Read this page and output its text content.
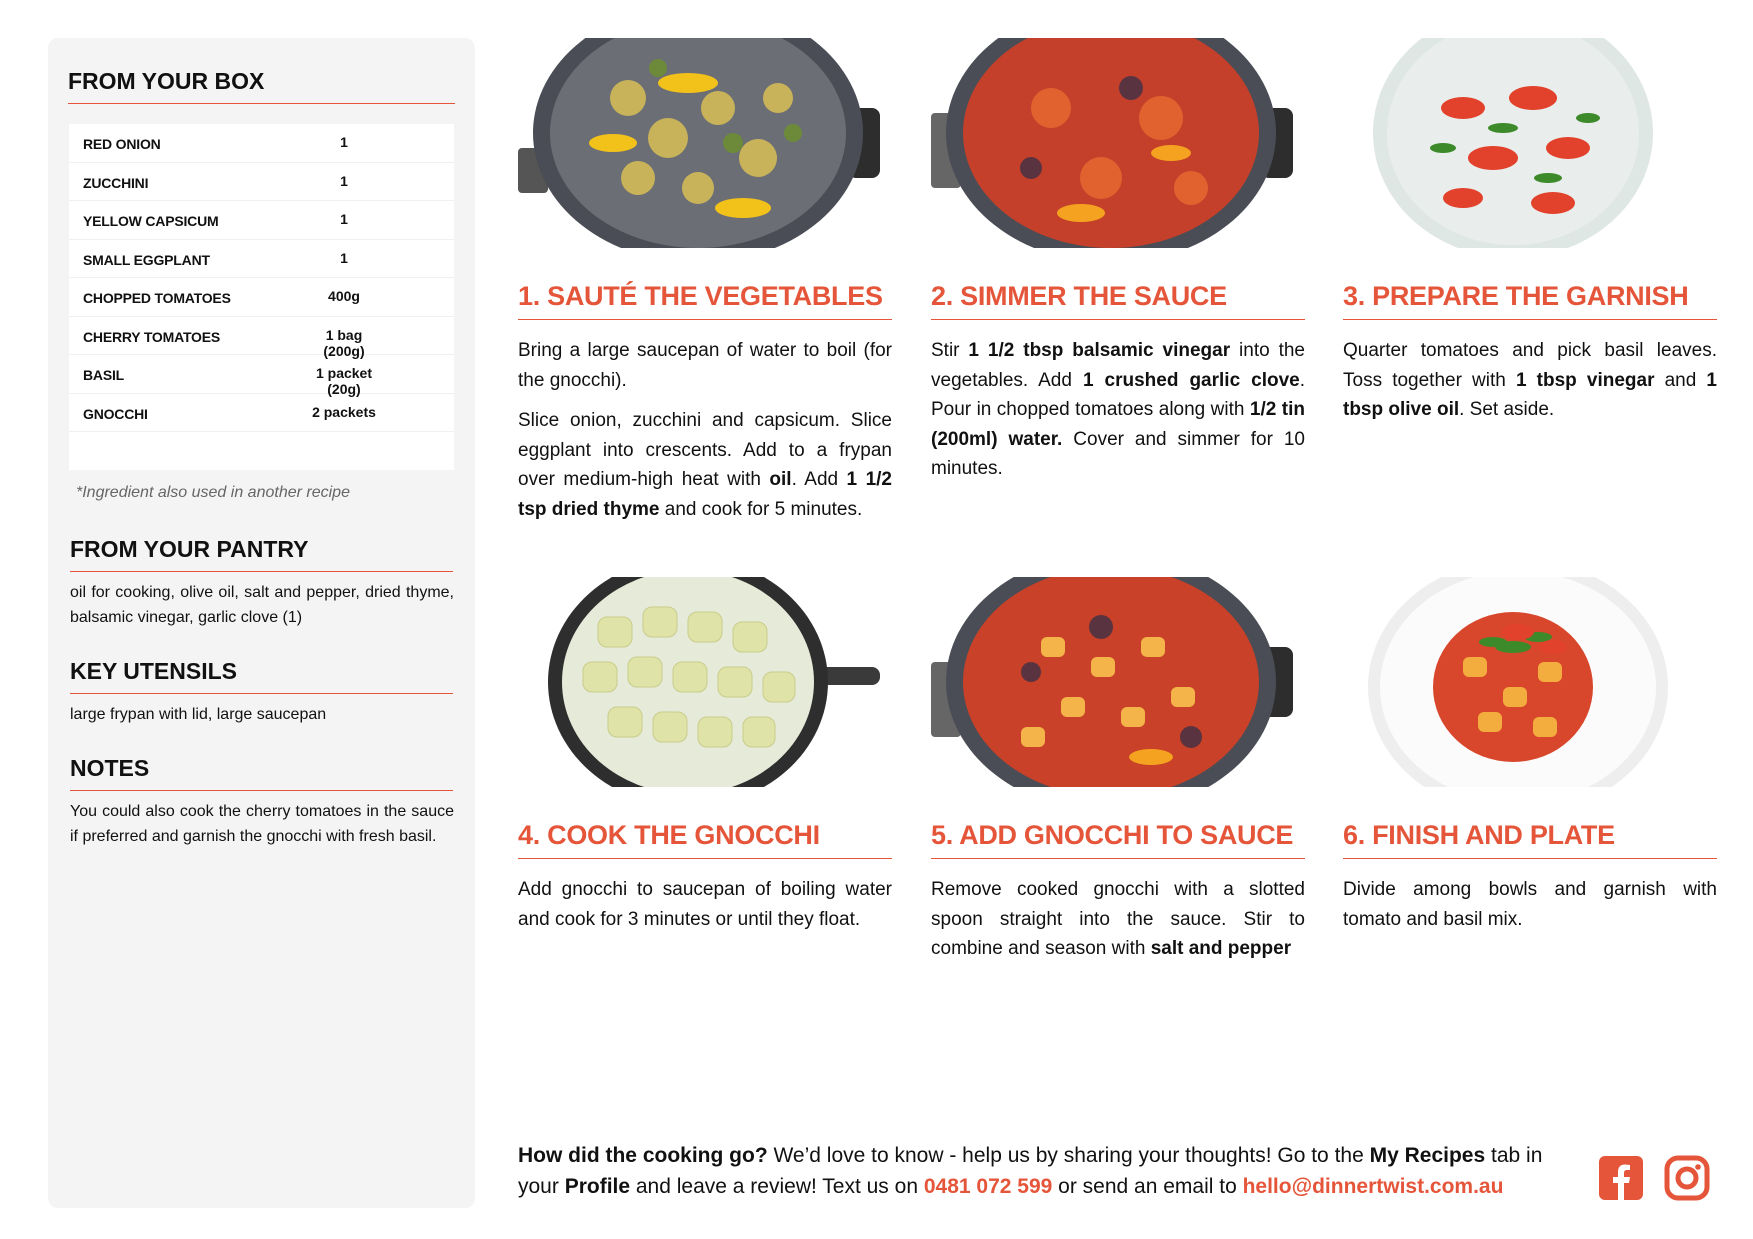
FROM YOUR BOX
RED ONION	1
ZUCCHINI	1
YELLOW CAPSICUM	1
SMALL EGGPLANT	1
CHOPPED TOMATOES	400g
CHERRY TOMATOES	1 bag (200g)
BASIL	1 packet (20g)
GNOCCHI	2 packets
*Ingredient also used in another recipe
FROM YOUR PANTRY
oil for cooking, olive oil, salt and pepper, dried thyme, balsamic vinegar, garlic clove (1)
KEY UTENSILS
large frypan with lid, large saucepan
NOTES
You could also cook the cherry tomatoes in the sauce if preferred and garnish the gnocchi with fresh basil.
1. SAUTÉ THE VEGETABLES

Bring a large saucepan of water to boil (for the gnocchi).

Slice onion, zucchini and capsicum. Slice eggplant into crescents. Add to a frypan over medium-high heat with oil. Add 1 1/2 tsp dried thyme and cook for 5 minutes.

2. SIMMER THE SAUCE

Stir 1 1/2 tbsp balsamic vinegar into the vegetables. Add 1 crushed garlic clove. Pour in chopped tomatoes along with 1/2 tin (200ml) water. Cover and simmer for 10 minutes.

3. PREPARE THE GARNISH

Quarter tomatoes and pick basil leaves. Toss together with 1 tbsp vinegar and 1 tbsp olive oil. Set aside.

4. COOK THE GNOCCHI

Add gnocchi to saucepan of boiling water and cook for 3 minutes or until they float.

5. ADD GNOCCHI TO SAUCE

Remove cooked gnocchi with a slotted spoon straight into the sauce. Stir to combine and season with salt and pepper

6. FINISH AND PLATE

Divide among bowls and garnish with tomato and basil mix.

How did the cooking go? We’d love to know - help us by sharing your thoughts! Go to the My Recipes tab in your Profile and leave a review! Text us on 0481 072 599 or send an email to hello@dinnertwist.com.au
